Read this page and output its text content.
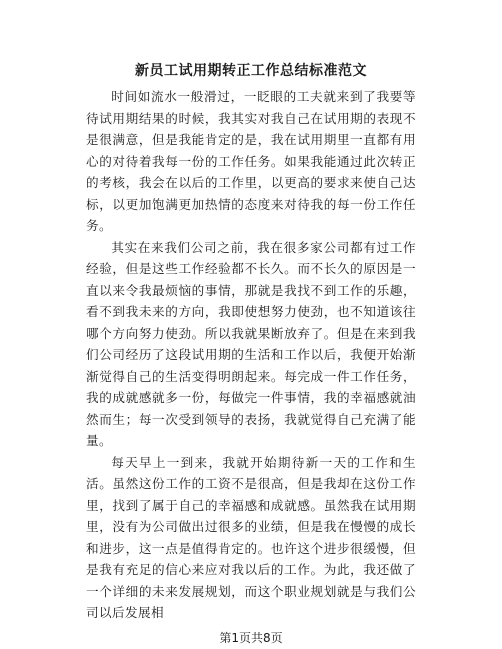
新员工试用期转正工作总结标准范文

时间如流水一般滑过，一眨眼的工夫就来到了我要等待试用期结果的时候，我其实对我自己在试用期的表现不是很满意，但是我能肯定的是，我在试用期里一直都有用心的对待着我每一份的工作任务。如果我能通过此次转正的考核，我会在以后的工作里，以更高的要求来使自己达标，以更加饱满更加热情的态度来对待我的每一份工作任务。

其实在来我们公司之前，我在很多家公司都有过工作经验，但是这些工作经验都不长久。而不长久的原因是一直以来令我最烦恼的事情，那就是我找不到工作的乐趣，看不到我未来的方向，我即使想努力使劲，也不知道该往哪个方向努力使劲。所以我就果断放弃了。但是在来到我们公司经历了这段试用期的生活和工作以后，我便开始渐渐觉得自己的生活变得明朗起来。每完成一件工作任务，我的成就感就多一份，每做完一件事情，我的幸福感就油然而生；每一次受到领导的表扬，我就觉得自己充满了能量。

每天早上一到来，我就开始期待新一天的工作和生活。虽然这份工作的工资不是很高，但是我却在这份工作里，找到了属于自己的幸福感和成就感。虽然我在试用期里，没有为公司做出过很多的业绩，但是我在慢慢的成长和进步，这一点是值得肯定的。也许这个进步很缓慢，但是我有充足的信心来应对我以后的工作。为此，我还做了一个详细的未来发展规划，而这个职业规划就是与我们公司以后发展相

第1页共8页
